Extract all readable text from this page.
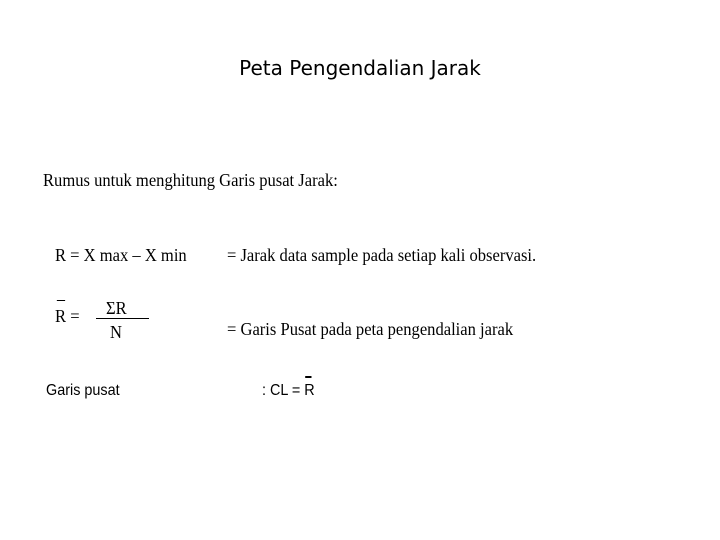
Peta Pengendalian Jarak
Rumus untuk menghitung Garis pusat Jarak:
R = X max – X min = Jarak data sample pada setiap kali observasi.
R = ΣR
N	= Garis Pusat pada peta pengendalian jarak
Garis pusat	: CL = R
